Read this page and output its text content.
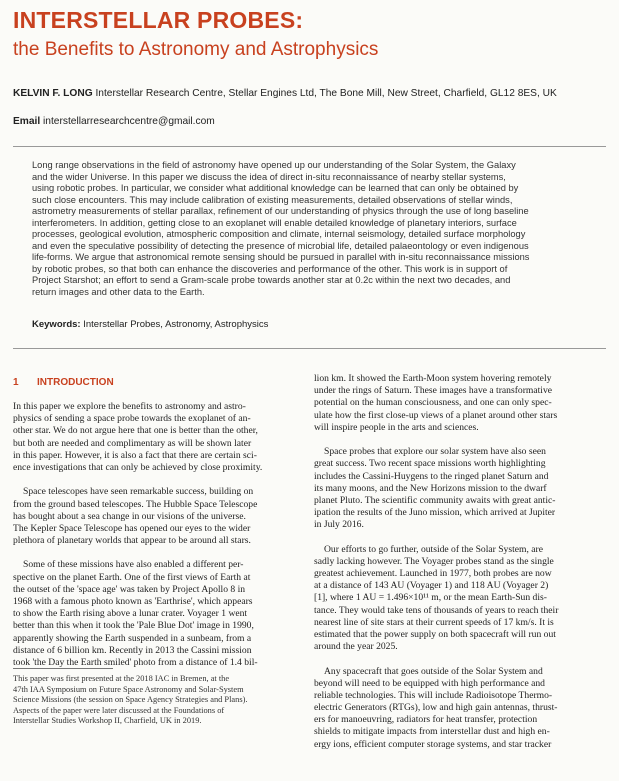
INTERSTELLAR PROBES:
the Benefits to Astronomy and Astrophysics
KELVIN F. LONG Interstellar Research Centre, Stellar Engines Ltd, The Bone Mill, New Street, Charfield, GL12 8ES, UK
Email interstellarresearchcentre@gmail.com
Long range observations in the field of astronomy have opened up our understanding of the Solar System, the Galaxy
and the wider Universe. In this paper we discuss the idea of direct in-situ reconnaissance of nearby stellar systems,
using robotic probes. In particular, we consider what additional knowledge can be learned that can only be obtained by
such close encounters. This may include calibration of existing measurements, detailed observations of stellar winds,
astrometry measurements of stellar parallax, refinement of our understanding of physics through the use of long baseline
interferometers. In addition, getting close to an exoplanet will enable detailed knowledge of planetary interiors, surface
processes, geological evolution, atmospheric composition and climate, internal seismology, detailed surface morphology
and even the speculative possibility of detecting the presence of microbial life, detailed palaeontology or even indigenous
life-forms. We argue that astronomical remote sensing should be pursued in parallel with in-situ reconnaissance missions
by robotic probes, so that both can enhance the discoveries and performance of the other. This work is in support of
Project Starshot; an effort to send a Gram-scale probe towards another star at 0.2c within the next two decades, and
return images and other data to the Earth.
Keywords: Interstellar Probes, Astronomy, Astrophysics
1 INTRODUCTION
In this paper we explore the benefits to astronomy and astro-
physics of sending a space probe towards the exoplanet of an-
other star. We do not argue here that one is better than the other,
but both are needed and complimentary as will be shown later
in this paper. However, it is also a fact that there are certain sci-
ence investigations that can only be achieved by close proximity.
Space telescopes have seen remarkable success, building on
from the ground based telescopes. The Hubble Space Telescope
has bought about a sea change in our visions of the universe.
The Kepler Space Telescope has opened our eyes to the wider
plethora of planetary worlds that appear to be around all stars.
Some of these missions have also enabled a different per-
spective on the planet Earth. One of the first views of Earth at
the outset of the 'space age' was taken by Project Apollo 8 in
1968 with a famous photo known as 'Earthrise', which appears
to show the Earth rising above a lunar crater. Voyager 1 went
better than this when it took the 'Pale Blue Dot' image in 1990,
apparently showing the Earth suspended in a sunbeam, from a
distance of 6 billion km. Recently in 2013 the Cassini mission
took 'the Day the Earth smiled' photo from a distance of 1.4 bil-
This paper was first presented at the 2018 IAC in Bremen, at the
47th IAA Symposium on Future Space Astronomy and Solar-System
Science Missions (the session on Space Agency Strategies and Plans).
Aspects of the paper were later discussed at the Foundations of
Interstellar Studies Workshop II, Charfield, UK in 2019.
lion km. It showed the Earth-Moon system hovering remotely
under the rings of Saturn. These images have a transformative
potential on the human consciousness, and one can only spec-
ulate how the first close-up views of a planet around other stars
will inspire people in the arts and sciences.
Space probes that explore our solar system have also seen
great success. Two recent space missions worth highlighting
includes the Cassini-Huygens to the ringed planet Saturn and
its many moons, and the New Horizons mission to the dwarf
planet Pluto. The scientific community awaits with great antic-
ipation the results of the Juno mission, which arrived at Jupiter
in July 2016.
Our efforts to go further, outside of the Solar System, are
sadly lacking however. The Voyager probes stand as the single
greatest achievement. Launched in 1977, both probes are now
at a distance of 143 AU (Voyager 1) and 118 AU (Voyager 2)
[1], where 1 AU = 1.496×10¹¹ m, or the mean Earth-Sun dis-
tance. They would take tens of thousands of years to reach their
nearest line of site stars at their current speeds of 17 km/s. It is
estimated that the power supply on both spacecraft will run out
around the year 2025.
Any spacecraft that goes outside of the Solar System and
beyond will need to be equipped with high performance and
reliable technologies. This will include Radioisotope Thermo-
electric Generators (RTGs), low and high gain antennas, thrust-
ers for manoeuvring, radiators for heat transfer, protection
shields to mitigate impacts from interstellar dust and high en-
ergy ions, efficient computer storage systems, and star tracker
